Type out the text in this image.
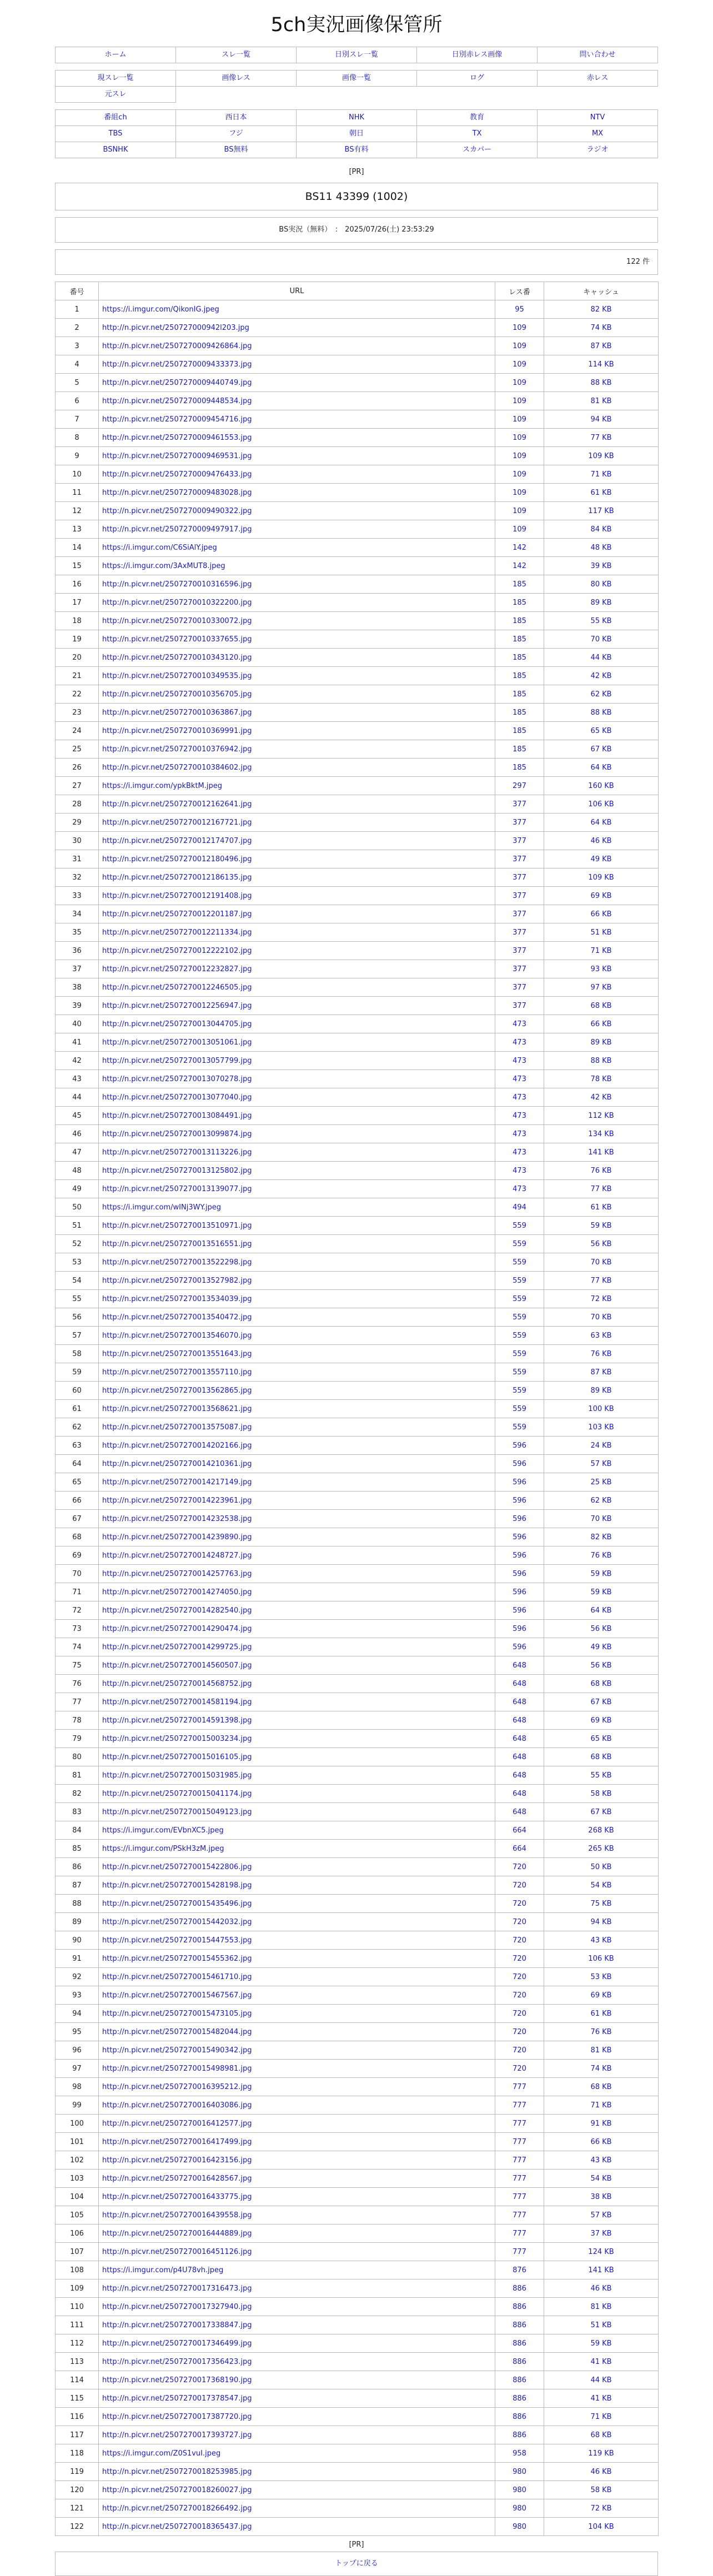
5ch実況画像保管所
ホーム	スレ一覧	日別スレ一覧	日別赤レス画像	問い合わせ
現スレ一覧	画像レス	画像一覧	ログ	赤レス
元スレ
番組ch	西日本	NHK	教育	NTV
TBS	フジ	朝日	TX	MX
BSNHK	BS無料	BS有料	スカパー	ラジオ

[PR]

BS11 43399 (1002)
BS実況（無料）　:　2025/07/26(土) 23:53:29
122 件
番号	URL	レス番	キャッシュ
1	https://i.imgur.com/QikonIG.jpeg	95	82 KB
2	http://n.picvr.net/250727000942l203.jpg	109	74 KB
3	http://n.picvr.net/2507270009426864.jpg	109	87 KB
4	http://n.picvr.net/2507270009433373.jpg	109	114 KB
5	http://n.picvr.net/2507270009440749.jpg	109	88 KB
6	http://n.picvr.net/2507270009448534.jpg	109	81 KB
7	http://n.picvr.net/2507270009454716.jpg	109	94 KB
8	http://n.picvr.net/2507270009461553.jpg	109	77 KB
9	http://n.picvr.net/2507270009469531.jpg	109	109 KB
10	http://n.picvr.net/2507270009476433.jpg	109	71 KB
11	http://n.picvr.net/2507270009483028.jpg	109	61 KB
12	http://n.picvr.net/2507270009490322.jpg	109	117 KB
13	http://n.picvr.net/2507270009497917.jpg	109	84 KB
14	https://i.imgur.com/C6SiAlY.jpeg	142	48 KB
15	https://i.imgur.com/3AxMUT8.jpeg	142	39 KB
16	http://n.picvr.net/2507270010316596.jpg	185	80 KB
17	http://n.picvr.net/2507270010322200.jpg	185	89 KB
18	http://n.picvr.net/2507270010330072.jpg	185	55 KB
19	http://n.picvr.net/2507270010337655.jpg	185	70 KB
20	http://n.picvr.net/2507270010343120.jpg	185	44 KB
21	http://n.picvr.net/2507270010349535.jpg	185	42 KB
22	http://n.picvr.net/2507270010356705.jpg	185	62 KB
23	http://n.picvr.net/2507270010363867.jpg	185	88 KB
24	http://n.picvr.net/2507270010369991.jpg	185	65 KB
25	http://n.picvr.net/2507270010376942.jpg	185	67 KB
26	http://n.picvr.net/2507270010384602.jpg	185	64 KB
27	https://i.imgur.com/ypkBktM.jpeg	297	160 KB
28	http://n.picvr.net/2507270012162641.jpg	377	106 KB
29	http://n.picvr.net/2507270012167721.jpg	377	64 KB
30	http://n.picvr.net/2507270012174707.jpg	377	46 KB
31	http://n.picvr.net/2507270012180496.jpg	377	49 KB
32	http://n.picvr.net/2507270012186135.jpg	377	109 KB
33	http://n.picvr.net/2507270012191408.jpg	377	69 KB
34	http://n.picvr.net/2507270012201187.jpg	377	66 KB
35	http://n.picvr.net/2507270012211334.jpg	377	51 KB
36	http://n.picvr.net/2507270012222102.jpg	377	71 KB
37	http://n.picvr.net/2507270012232827.jpg	377	93 KB
38	http://n.picvr.net/2507270012246505.jpg	377	97 KB
39	http://n.picvr.net/2507270012256947.jpg	377	68 KB
40	http://n.picvr.net/2507270013044705.jpg	473	66 KB
41	http://n.picvr.net/2507270013051061.jpg	473	89 KB
42	http://n.picvr.net/2507270013057799.jpg	473	88 KB
43	http://n.picvr.net/2507270013070278.jpg	473	78 KB
44	http://n.picvr.net/2507270013077040.jpg	473	42 KB
45	http://n.picvr.net/2507270013084491.jpg	473	112 KB
46	http://n.picvr.net/2507270013099874.jpg	473	134 KB
47	http://n.picvr.net/2507270013113226.jpg	473	141 KB
48	http://n.picvr.net/2507270013125802.jpg	473	76 KB
49	http://n.picvr.net/2507270013139077.jpg	473	77 KB
50	https://i.imgur.com/wINj3WY.jpeg	494	61 KB
51	http://n.picvr.net/2507270013510971.jpg	559	59 KB
52	http://n.picvr.net/2507270013516551.jpg	559	56 KB
53	http://n.picvr.net/2507270013522298.jpg	559	70 KB
54	http://n.picvr.net/2507270013527982.jpg	559	77 KB
55	http://n.picvr.net/2507270013534039.jpg	559	72 KB
56	http://n.picvr.net/2507270013540472.jpg	559	70 KB
57	http://n.picvr.net/2507270013546070.jpg	559	63 KB
58	http://n.picvr.net/2507270013551643.jpg	559	76 KB
59	http://n.picvr.net/2507270013557110.jpg	559	87 KB
60	http://n.picvr.net/2507270013562865.jpg	559	89 KB
61	http://n.picvr.net/2507270013568621.jpg	559	100 KB
62	http://n.picvr.net/2507270013575087.jpg	559	103 KB
63	http://n.picvr.net/2507270014202166.jpg	596	24 KB
64	http://n.picvr.net/2507270014210361.jpg	596	57 KB
65	http://n.picvr.net/2507270014217149.jpg	596	25 KB
66	http://n.picvr.net/2507270014223961.jpg	596	62 KB
67	http://n.picvr.net/2507270014232538.jpg	596	70 KB
68	http://n.picvr.net/2507270014239890.jpg	596	82 KB
69	http://n.picvr.net/2507270014248727.jpg	596	76 KB
70	http://n.picvr.net/2507270014257763.jpg	596	59 KB
71	http://n.picvr.net/2507270014274050.jpg	596	59 KB
72	http://n.picvr.net/2507270014282540.jpg	596	64 KB
73	http://n.picvr.net/2507270014290474.jpg	596	56 KB
74	http://n.picvr.net/2507270014299725.jpg	596	49 KB
75	http://n.picvr.net/2507270014560507.jpg	648	56 KB
76	http://n.picvr.net/2507270014568752.jpg	648	68 KB
77	http://n.picvr.net/2507270014581194.jpg	648	67 KB
78	http://n.picvr.net/2507270014591398.jpg	648	69 KB
79	http://n.picvr.net/2507270015003234.jpg	648	65 KB
80	http://n.picvr.net/2507270015016105.jpg	648	68 KB
81	http://n.picvr.net/2507270015031985.jpg	648	55 KB
82	http://n.picvr.net/2507270015041174.jpg	648	58 KB
83	http://n.picvr.net/2507270015049123.jpg	648	67 KB
84	https://i.imgur.com/EVbnXC5.jpeg	664	268 KB
85	https://i.imgur.com/PSkH3zM.jpeg	664	265 KB
86	http://n.picvr.net/2507270015422806.jpg	720	50 KB
87	http://n.picvr.net/2507270015428198.jpg	720	54 KB
88	http://n.picvr.net/2507270015435496.jpg	720	75 KB
89	http://n.picvr.net/2507270015442032.jpg	720	94 KB
90	http://n.picvr.net/2507270015447553.jpg	720	43 KB
91	http://n.picvr.net/2507270015455362.jpg	720	106 KB
92	http://n.picvr.net/2507270015461710.jpg	720	53 KB
93	http://n.picvr.net/2507270015467567.jpg	720	69 KB
94	http://n.picvr.net/2507270015473105.jpg	720	61 KB
95	http://n.picvr.net/2507270015482044.jpg	720	76 KB
96	http://n.picvr.net/2507270015490342.jpg	720	81 KB
97	http://n.picvr.net/2507270015498981.jpg	720	74 KB
98	http://n.picvr.net/2507270016395212.jpg	777	68 KB
99	http://n.picvr.net/2507270016403086.jpg	777	71 KB
100	http://n.picvr.net/2507270016412577.jpg	777	91 KB
101	http://n.picvr.net/2507270016417499.jpg	777	66 KB
102	http://n.picvr.net/2507270016423156.jpg	777	43 KB
103	http://n.picvr.net/2507270016428567.jpg	777	54 KB
104	http://n.picvr.net/2507270016433775.jpg	777	38 KB
105	http://n.picvr.net/2507270016439558.jpg	777	57 KB
106	http://n.picvr.net/2507270016444889.jpg	777	37 KB
107	http://n.picvr.net/2507270016451126.jpg	777	124 KB
108	https://i.imgur.com/p4U78vh.jpeg	876	141 KB
109	http://n.picvr.net/2507270017316473.jpg	886	46 KB
110	http://n.picvr.net/2507270017327940.jpg	886	81 KB
111	http://n.picvr.net/2507270017338847.jpg	886	51 KB
112	http://n.picvr.net/2507270017346499.jpg	886	59 KB
113	http://n.picvr.net/2507270017356423.jpg	886	41 KB
114	http://n.picvr.net/2507270017368190.jpg	886	44 KB
115	http://n.picvr.net/2507270017378547.jpg	886	41 KB
116	http://n.picvr.net/2507270017387720.jpg	886	71 KB
117	http://n.picvr.net/2507270017393727.jpg	886	68 KB
118	https://i.imgur.com/Z0S1vuI.jpeg	958	119 KB
119	http://n.picvr.net/2507270018253985.jpg	980	46 KB
120	http://n.picvr.net/2507270018260027.jpg	980	58 KB
121	http://n.picvr.net/2507270018266492.jpg	980	72 KB
122	http://n.picvr.net/2507270018365437.jpg	980	104 KB

[PR]

トップに戻る
